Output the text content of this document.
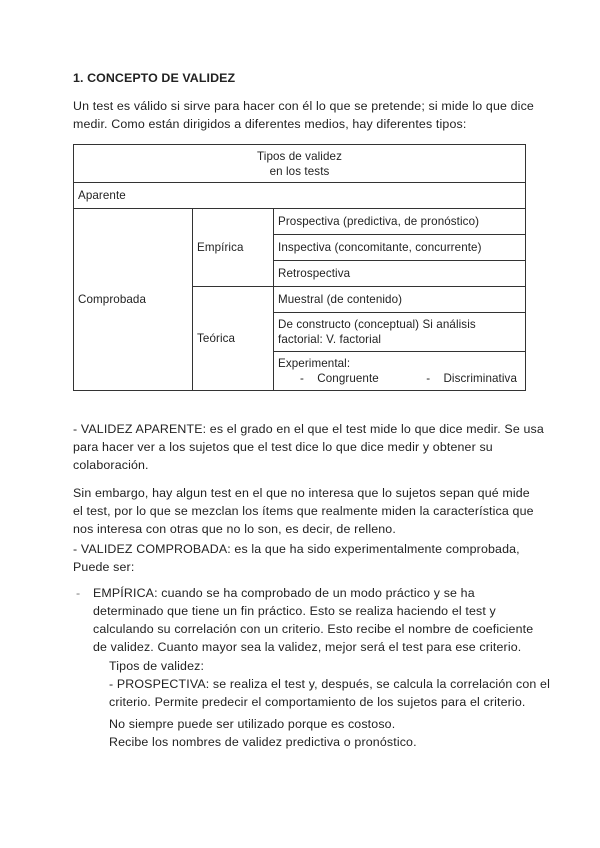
1. CONCEPTO DE VALIDEZ
Un test es válido si sirve para hacer con él lo que se pretende; si mide lo que dice
medir. Como están dirigidos a diferentes medios, hay diferentes tipos:
Tipos de validez
en los tests		

Aparente		
Comprobada	Empírica	Prospectiva (predictiva, de pronóstico)
		Inspectiva (concomitante, concurrente)
		Retrospectiva
	Teórica	Muestral (de contenido)

		De constructo (conceptual) Si análisis
factorial: V. factorial

		Experimental:
-    Congruente -    Discriminativa
- VALIDEZ APARENTE: es el grado en el que el test mide lo que dice medir. Se usa
para hacer ver a los sujetos que el test dice lo que dice medir y obtener su
colaboración.
Sin embargo, hay algun test en el que no interesa que lo sujetos sepan qué mide
el test, por lo que se mezclan los ítems que realmente miden la característica que
nos interesa con otras que no lo son, es decir, de relleno.
- VALIDEZ COMPROBADA: es la que ha sido experimentalmente comprobada,
Puede ser:
- EMPÍRICA: cuando se ha comprobado de un modo práctico y se ha
determinado que tiene un fin práctico. Esto se realiza haciendo el test y
calculando su correlación con un criterio. Esto recibe el nombre de coeficiente
de validez. Cuanto mayor sea la validez, mejor será el test para ese criterio.
Tipos de validez:
- PROSPECTIVA: se realiza el test y, después, se calcula la correlación con el
criterio. Permite predecir el comportamiento de los sujetos para el criterio.
No siempre puede ser utilizado porque es costoso.
Recibe los nombres de validez predictiva o pronóstico.
